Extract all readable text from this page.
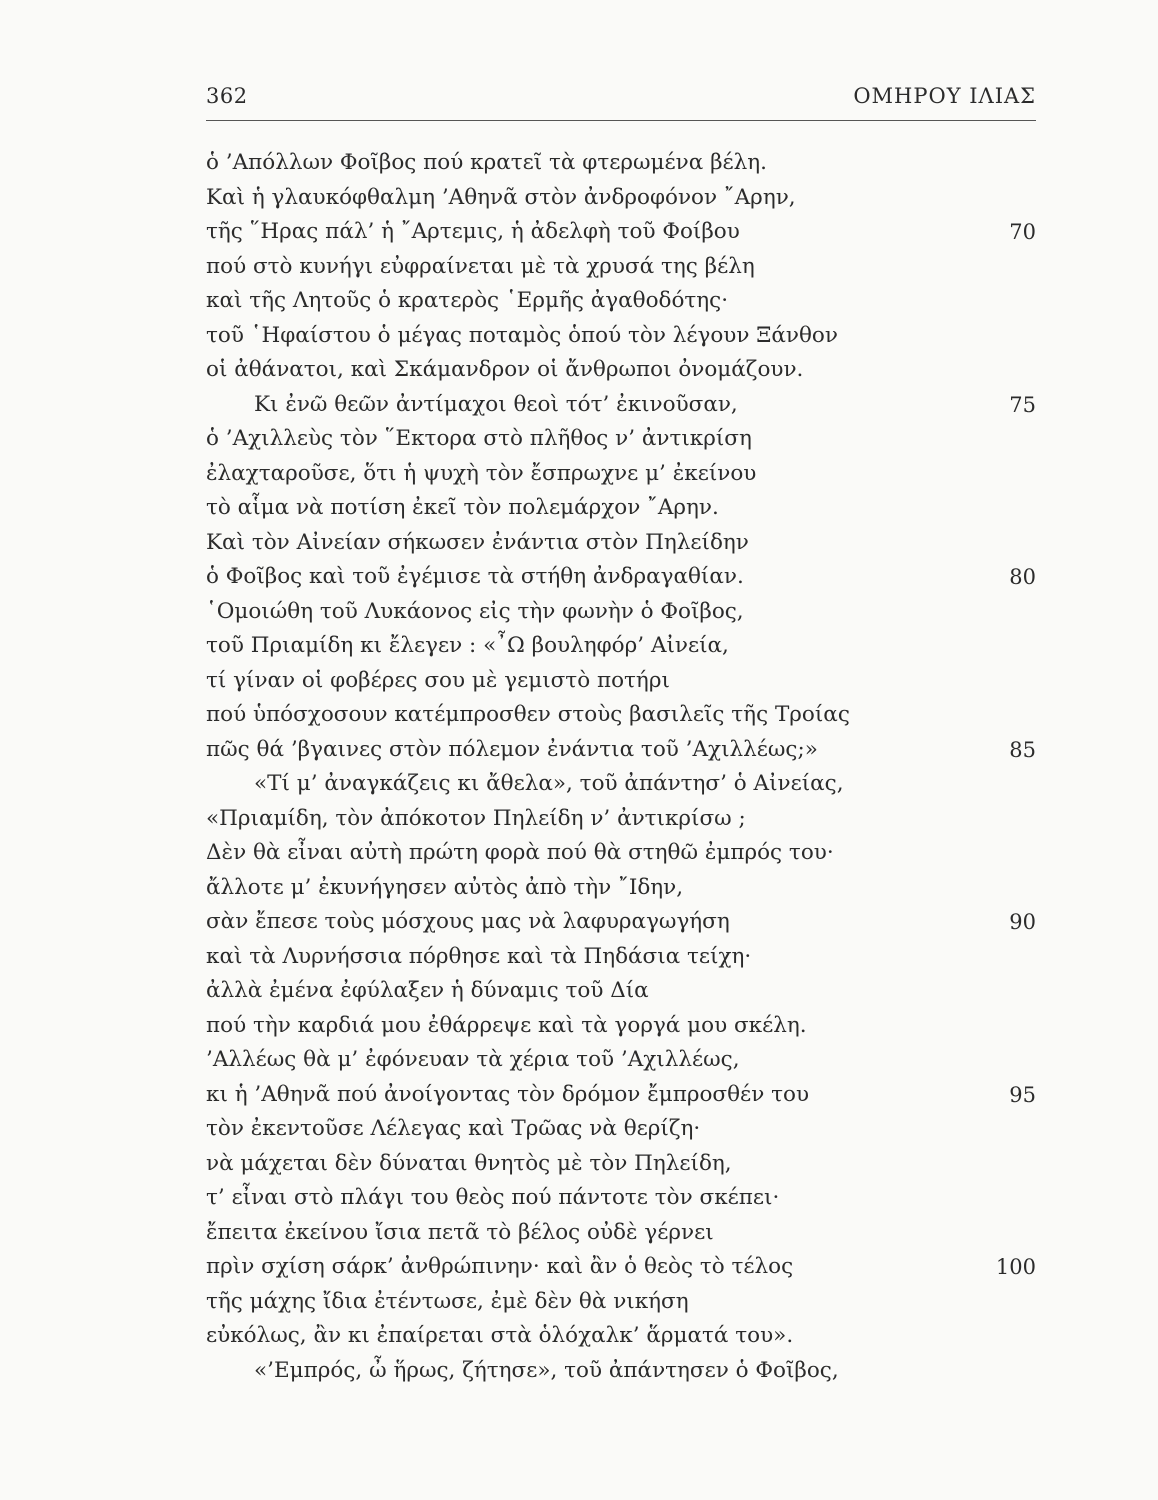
362	ΟΜΗΡΟΥ ΙΛΙΑΣ
ὁ ’Απόλλων Φοῖβος πού κρατεῖ τὰ φτερωμένα βέλη.
Καὶ ἡ γλαυκόφθαλμη ’Αθηνᾶ στὸν ἀνδροφόνον ῎Αρην,
τῆς ῞Ηρας πάλ’ ἡ ῎Αρτεμις, ἡ ἀδελφὴ τοῦ Φοίβου	70
πού στὸ κυνήγι εὐφραίνεται μὲ τὰ χρυσά της βέλη
καὶ τῆς Λητοῦς ὁ κρατερὸς ῾Ερμῆς ἀγαθοδότης·
τοῦ ῾Ηφαίστου ὁ μέγας ποταμὸς ὁπού τὸν λέγουν Ξάνθον
οἱ ἀθάνατοι, καὶ Σκάμανδρον οἱ ἄνθρωποι ὀνομάζουν.
Κι ἐνῶ θεῶν ἀντίμαχοι θεοὶ τότ’ ἐκινοῦσαν,	75
ὁ ’Αχιλλεὺς τὸν ῞Εκτορα στὸ πλῆθος ν’ ἀντικρίση
ἐλαχταροῦσε, ὅτι ἡ ψυχὴ τὸν ἔσπρωχνε μ’ ἐκείνου
τὸ αἷμα νὰ ποτίση ἐκεῖ τὸν πολεμάρχον ῎Αρην.
Καὶ τὸν Αἰνείαν σήκωσεν ἐνάντια στὸν Πηλείδην
ὁ Φοῖβος καὶ τοῦ ἐγέμισε τὰ στήθη ἀνδραγαθίαν.	80
῾Ομοιώθη τοῦ Λυκάονος εἰς τὴν φωνὴν ὁ Φοῖβος,
τοῦ Πριαμίδη κι ἔλεγεν : «῏Ω βουληφόρ’ Αἰνεία,
τί γίναν οἱ φοβέρες σου μὲ γεμιστὸ ποτήρι
πού ὑπόσχοσουν κατέμπροσθεν στοὺς βασιλεῖς τῆς Τροίας
πῶς θά ’βγαινες στὸν πόλεμον ἐνάντια τοῦ ’Αχιλλέως;»	85
«Τί μ’ ἀναγκάζεις κι ἄθελα», τοῦ ἀπάντησ’ ὁ Αἰνείας,
«Πριαμίδη, τὸν ἀπόκοτον Πηλείδη ν’ ἀντικρίσω ;
Δὲν θὰ εἶναι αὐτὴ πρώτη φορὰ πού θὰ στηθῶ ἐμπρός του·
ἄλλοτε μ’ ἐκυνήγησεν αὐτὸς ἀπὸ τὴν ῎Ιδην,
σὰν ἔπεσε τοὺς μόσχους μας νὰ λαφυραγωγήση	90
καὶ τὰ Λυρνήσσια πόρθησε καὶ τὰ Πηδάσια τείχη·
ἀλλὰ ἐμένα ἐφύλαξεν ἡ δύναμις τοῦ Δία
πού τὴν καρδιά μου ἐθάρρεψε καὶ τὰ γοργά μου σκέλη.
’Αλλέως θὰ μ’ ἐφόνευαν τὰ χέρια τοῦ ’Αχιλλέως,
κι ἡ ’Αθηνᾶ πού ἀνοίγοντας τὸν δρόμον ἔμπροσθέν του	95
τὸν ἐκεντοῦσε Λέλεγας καὶ Τρῶας νὰ θερίζη·
νὰ μάχεται δὲν δύναται θνητὸς μὲ τὸν Πηλείδη,
τ’ εἶναι στὸ πλάγι του θεὸς πού πάντοτε τὸν σκέπει·
ἔπειτα ἐκείνου ἴσια πετᾶ τὸ βέλος οὐδὲ γέρνει
πρὶν σχίση σάρκ’ ἀνθρώπινην· καὶ ἂν ὁ θεὸς τὸ τέλος	100
τῆς μάχης ἴδια ἐτέντωσε, ἐμὲ δὲν θὰ νικήση
εὐκόλως, ἂν κι ἐπαίρεται στὰ ὁλόχαλκ’ ἅρματά του».
«’Εμπρός, ὦ ἥρως, ζήτησε», τοῦ ἀπάντησεν ὁ Φοῖβος,
